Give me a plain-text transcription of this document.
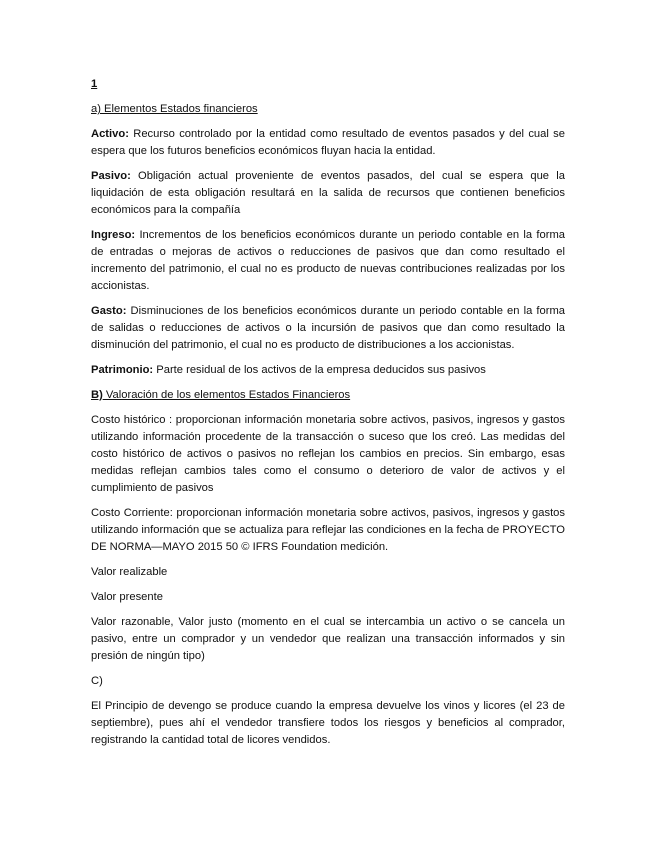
1

a) Elementos Estados financieros

Activo: Recurso controlado por la entidad como resultado de eventos pasados y del cual se espera que los futuros beneficios económicos fluyan hacia la entidad.

Pasivo: Obligación actual proveniente de eventos pasados, del cual se espera que la liquidación de esta obligación resultará en la salida de recursos que contienen beneficios económicos para la compañía

Ingreso: Incrementos de los beneficios económicos durante un periodo contable en la forma de entradas o mejoras de activos o reducciones de pasivos que dan como resultado el incremento del patrimonio, el cual no es producto de nuevas contribuciones realizadas por los accionistas.

Gasto: Disminuciones de los beneficios económicos durante un periodo contable en la forma de salidas o reducciones de activos o la incursión de pasivos que dan como resultado la disminución del patrimonio, el cual no es producto de distribuciones a los accionistas.

Patrimonio: Parte residual de los activos de la empresa deducidos sus pasivos

B) Valoración de los elementos Estados Financieros

Costo histórico : proporcionan información monetaria sobre activos, pasivos, ingresos y gastos utilizando información procedente de la transacción o suceso que los creó. Las medidas del costo histórico de activos o pasivos no reflejan los cambios en precios. Sin embargo, esas medidas reflejan cambios tales como el consumo o deterioro de valor de activos y el cumplimiento de pasivos

Costo Corriente: proporcionan información monetaria sobre activos, pasivos, ingresos y gastos utilizando información que se actualiza para reflejar las condiciones en la fecha de PROYECTO DE NORMA—MAYO 2015 50 © IFRS Foundation medición.

Valor realizable

Valor presente

Valor razonable, Valor justo (momento en el cual se intercambia un activo o se cancela un pasivo, entre un comprador y un vendedor que realizan una transacción informados y sin presión de ningún tipo)

C)

El Principio de devengo se produce cuando la empresa devuelve los vinos y licores (el 23 de septiembre), pues ahí el vendedor transfiere todos los riesgos y beneficios al comprador, registrando la cantidad total de licores vendidos.
